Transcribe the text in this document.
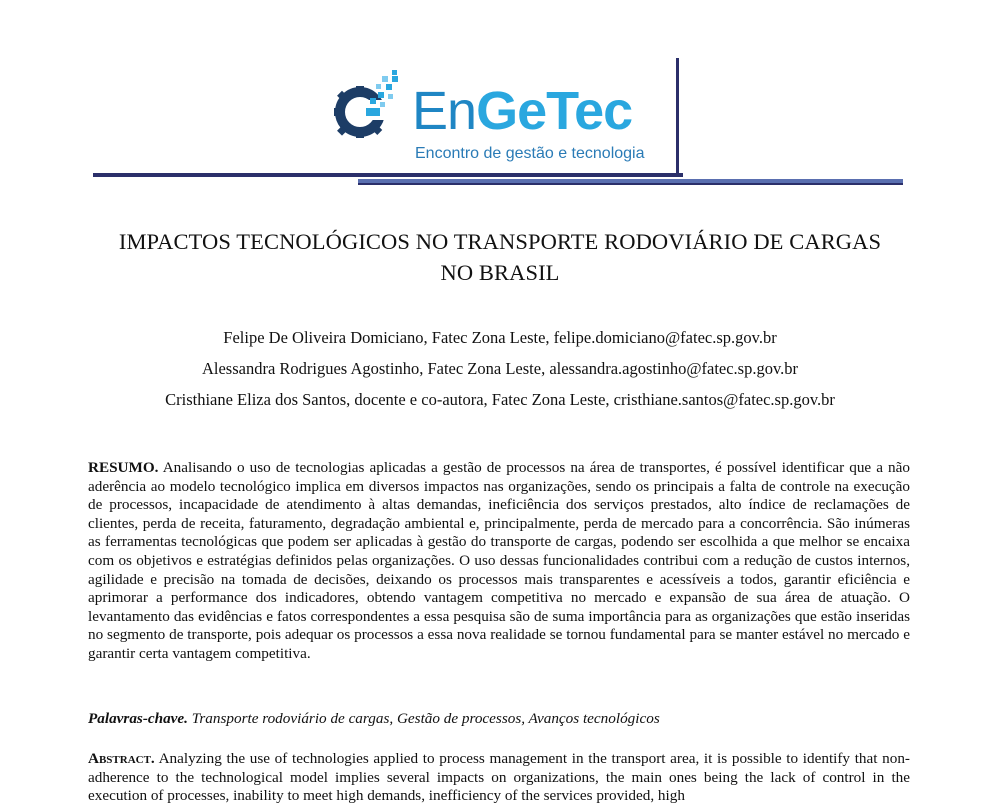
EnGeTec
Encontro de gestão e tecnologia
IMPACTOS TECNOLÓGICOS NO TRANSPORTE RODOVIÁRIO DE CARGAS
NO BRASIL
Felipe De Oliveira Domiciano, Fatec Zona Leste, felipe.domiciano@fatec.sp.gov.br
Alessandra Rodrigues Agostinho, Fatec Zona Leste, alessandra.agostinho@fatec.sp.gov.br
Cristhiane Eliza dos Santos, docente e co-autora, Fatec Zona Leste, cristhiane.santos@fatec.sp.gov.br
RESUMO. Analisando o uso de tecnologias aplicadas a gestão de processos na área de transportes, é possível identificar que a não aderência ao modelo tecnológico implica em diversos impactos nas organizações, sendo os principais a falta de controle na execução de processos, incapacidade de atendimento à altas demandas, ineficiência dos serviços prestados, alto índice de reclamações de clientes, perda de receita, faturamento, degradação ambiental e, principalmente, perda de mercado para a concorrência. São inúmeras as ferramentas tecnológicas que podem ser aplicadas à gestão do transporte de cargas, podendo ser escolhida a que melhor se encaixa com os objetivos e estratégias definidos pelas organizações. O uso dessas funcionalidades contribui com a redução de custos internos, agilidade e precisão na tomada de decisões, deixando os processos mais transparentes e acessíveis a todos, garantir eficiência e aprimorar a performance dos indicadores, obtendo vantagem competitiva no mercado e expansão de sua área de atuação. O levantamento das evidências e fatos correspondentes a essa pesquisa são de suma importância para as organizações que estão inseridas no segmento de transporte, pois adequar os processos a essa nova realidade se tornou fundamental para se manter estável no mercado e garantir certa vantagem competitiva.
Palavras-chave. Transporte rodoviário de cargas, Gestão de processos, Avanços tecnológicos
Abstract. Analyzing the use of technologies applied to process management in the transport area, it is possible to identify that non-adherence to the technological model implies several impacts on organizations, the main ones being the lack of control in the execution of processes, inability to meet high demands, inefficiency of the services provided, high
